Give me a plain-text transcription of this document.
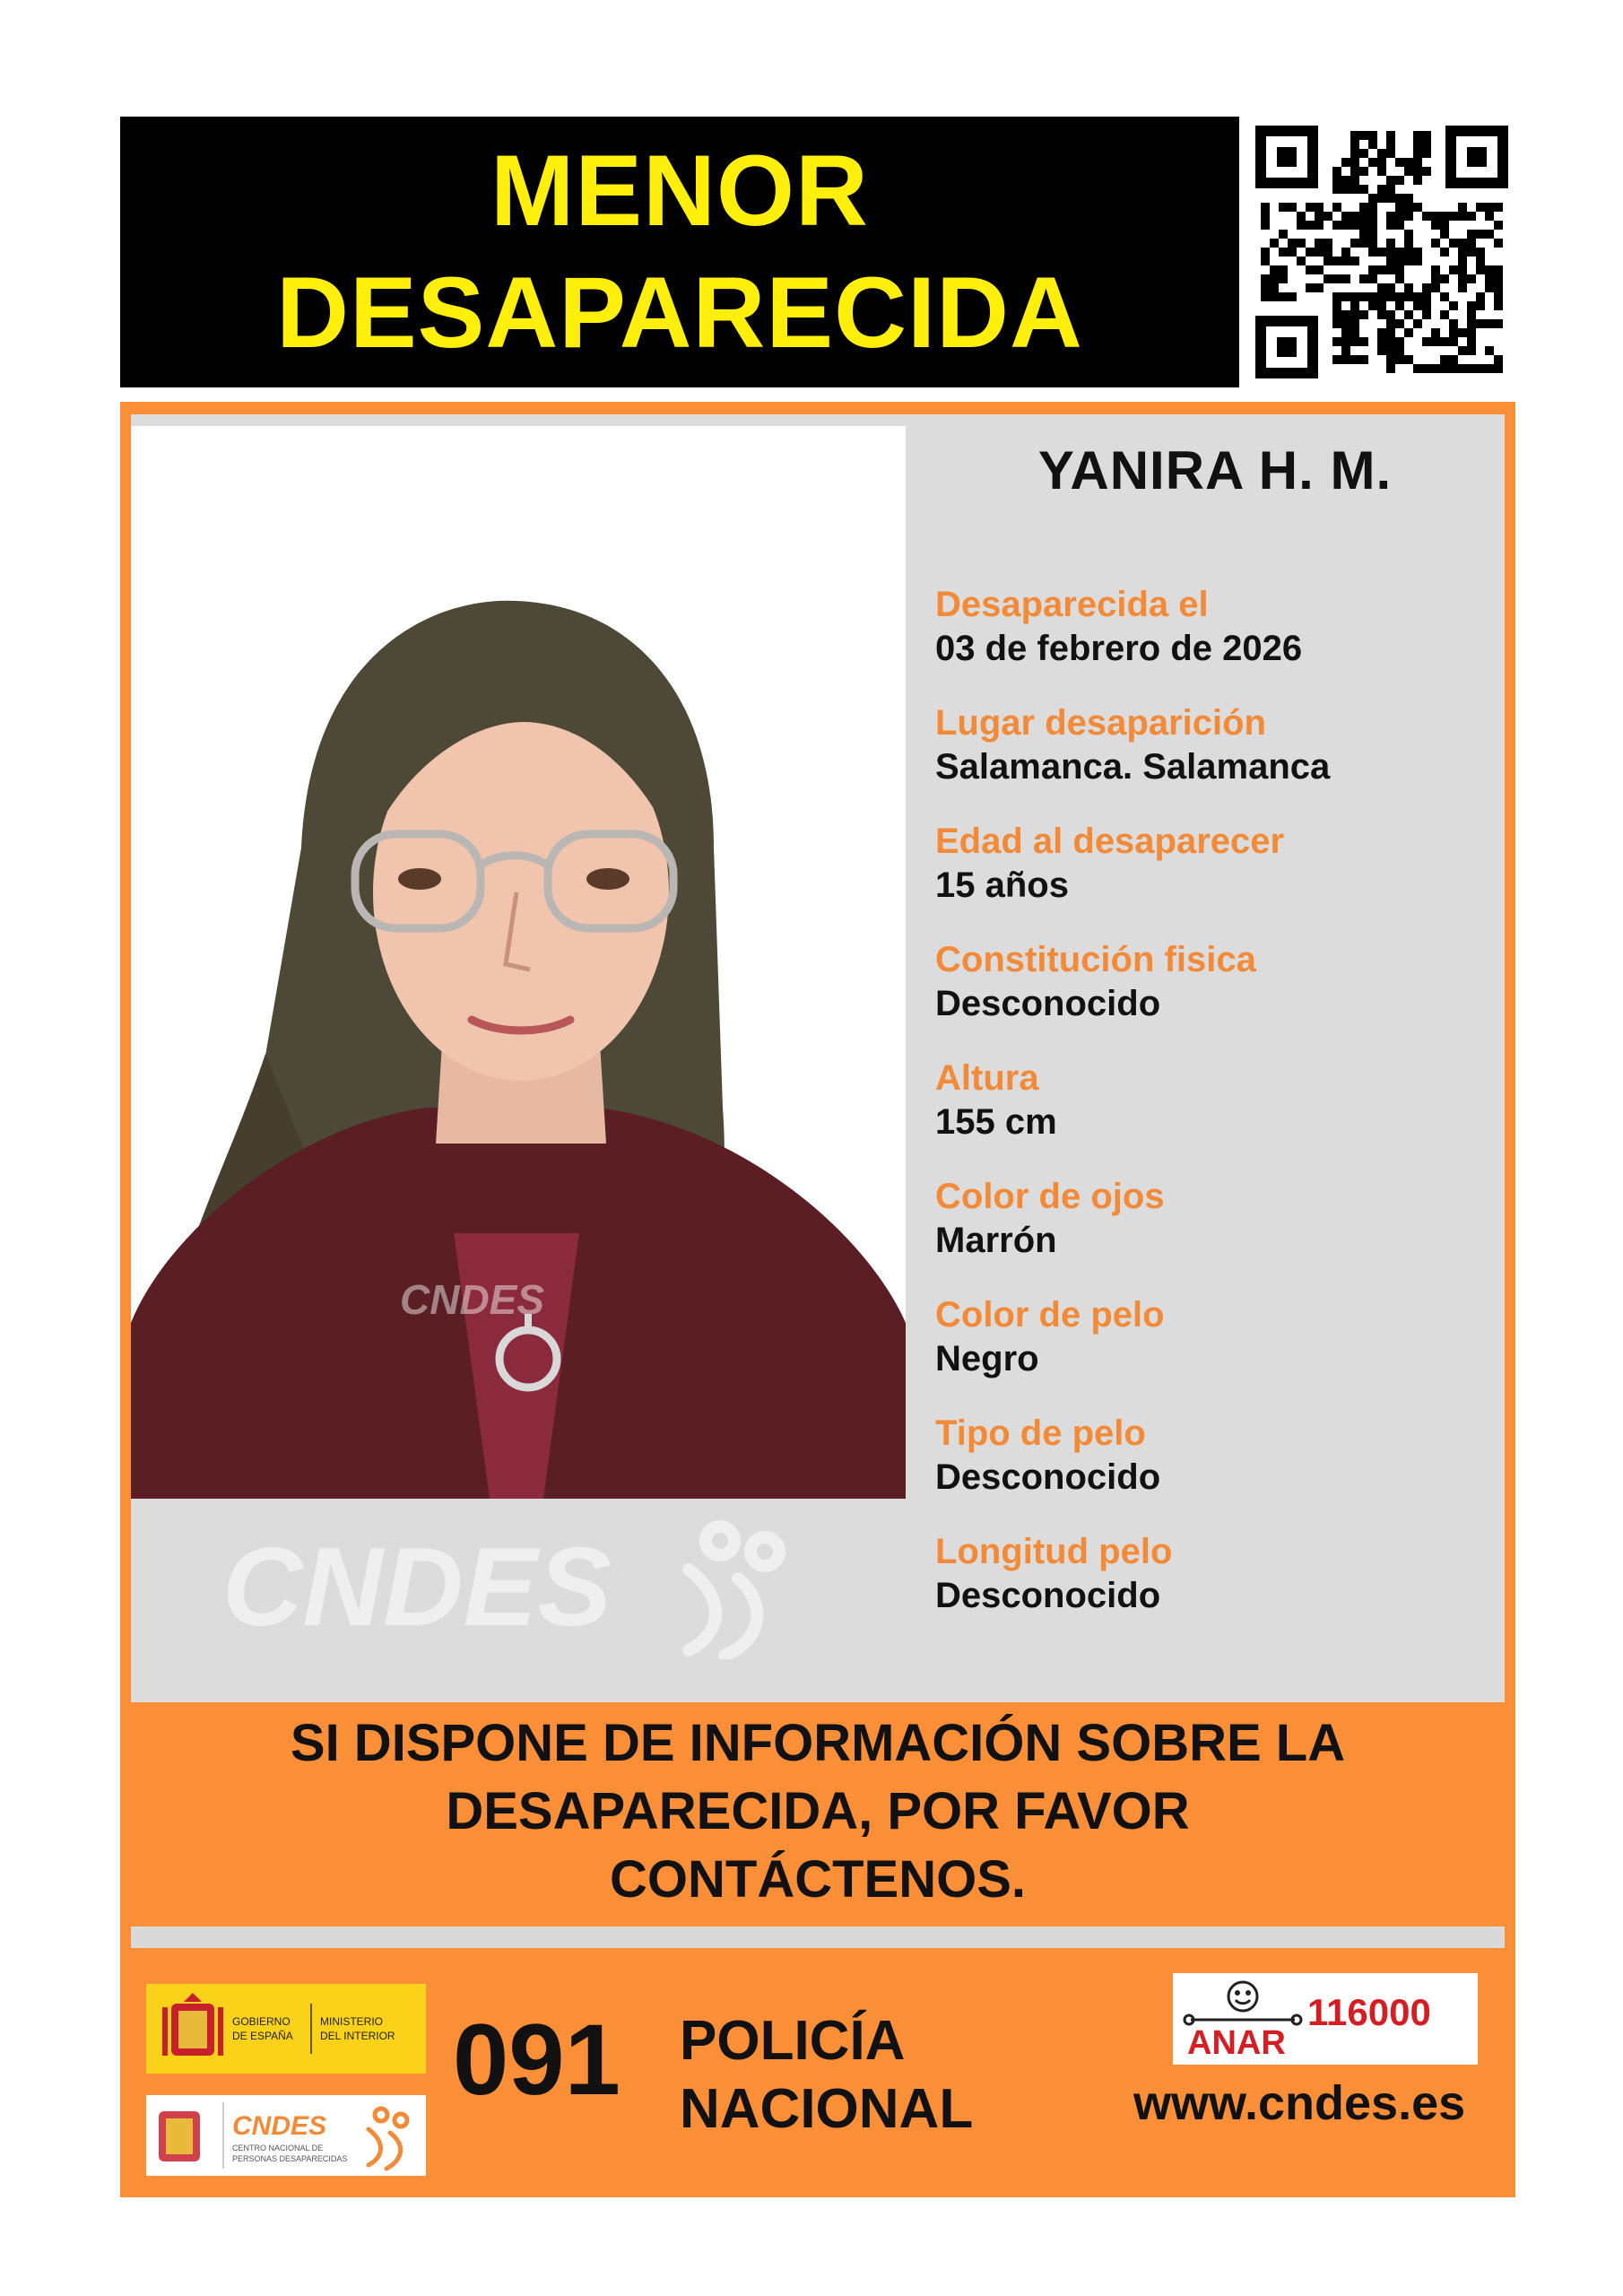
MENOR
DESAPARECIDA
CNDES
YANIRA H. M.
Desaparecida el
03 de febrero de 2026
Lugar desaparición
Salamanca. Salamanca
Edad al desaparecer
15 años
Constitución fisica
Desconocido
Altura
155 cm
Color de ojos
Marrón
Color de pelo
Negro
Tipo de pelo
Desconocido
Longitud pelo
Desconocido
CNDES
SI DISPONE DE INFORMACIÓN SOBRE LA
DESAPARECIDA, POR FAVOR
CONTÁCTENOS.
GOBIERNO
DE ESPAÑA
MINISTERIO
DEL INTERIOR
CNDES
CENTRO NACIONAL DE
PERSONAS DESAPARECIDAS
091 POLICÍA
NACIONAL
ANAR
116000
www.cndes.es
